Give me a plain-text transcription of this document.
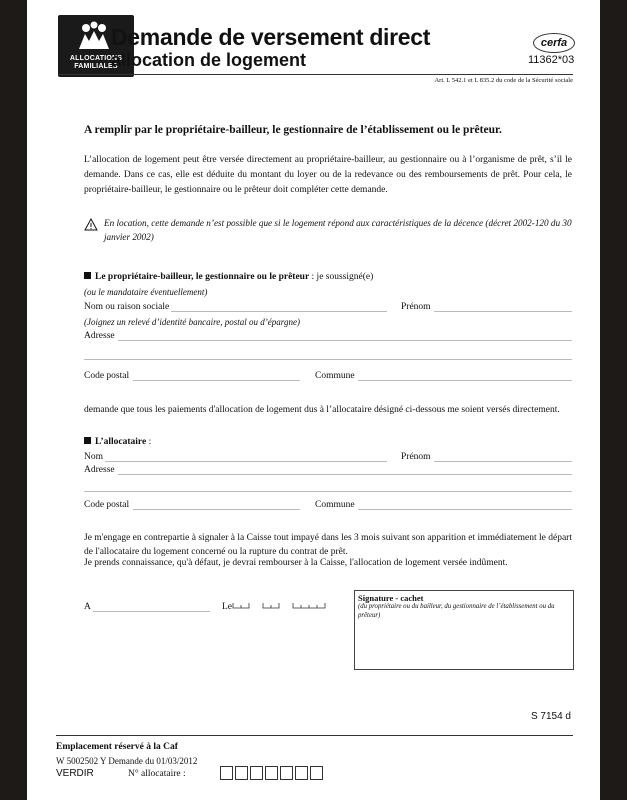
ALLOCATIONS
FAMILIALES
Demande de versement direct
allocation de logement
cerfa
11362*03
Art. L 542.1 et L 835.2 du code de la Sécurité sociale
A remplir par le propriétaire-bailleur, le gestionnaire de l’établissement ou le prêteur.
L’allocation de logement peut être versée directement au propriétaire-bailleur, au gestionnaire ou à l’organisme de prêt, s’il le demande. Dans ce cas, elle est déduite du montant du loyer ou de la redevance ou des remboursements de prêt. Pour cela, le propriétaire-bailleur, le gestionnaire ou le prêteur doit compléter cette demande.
En location, cette demande n’est possible que si le logement répond aux caractéristiques de la décence (décret 2002-120 du 30 janvier 2002)
Le propriétaire-bailleur, le gestionnaire ou le prêteur : je soussigné(e)
(ou le mandataire éventuellement)
Nom ou raison sociale	Prénom
(Joignez un relevé d’identité bancaire, postal ou d’épargne)
Adresse
Code postal	Commune
demande que tous les paiements d'allocation de logement dus à l’allocataire désigné ci-dessous me soient versés directement.
L’allocataire :
Nom	Prénom
Adresse
Code postal	Commune
Je m'engage en contrepartie à signaler à la Caisse tout impayé dans les 3 mois suivant son apparition et immédiatement le départ de l'allocataire du logement concerné ou la rupture du contrat de prêt.
Je prends connaissance, qu'à défaut, je devrai rembourser à la Caisse, l'allocation de logement versée indûment.
A	Le
Signature - cachet
(du propriétaire ou du bailleur, du gestionnaire de l’établissement ou du prêteur)
S 7154 d
Emplacement réservé à la Caf
W 5002502 Y Demande du 01/03/2012
VERDIR	N° allocataire :
